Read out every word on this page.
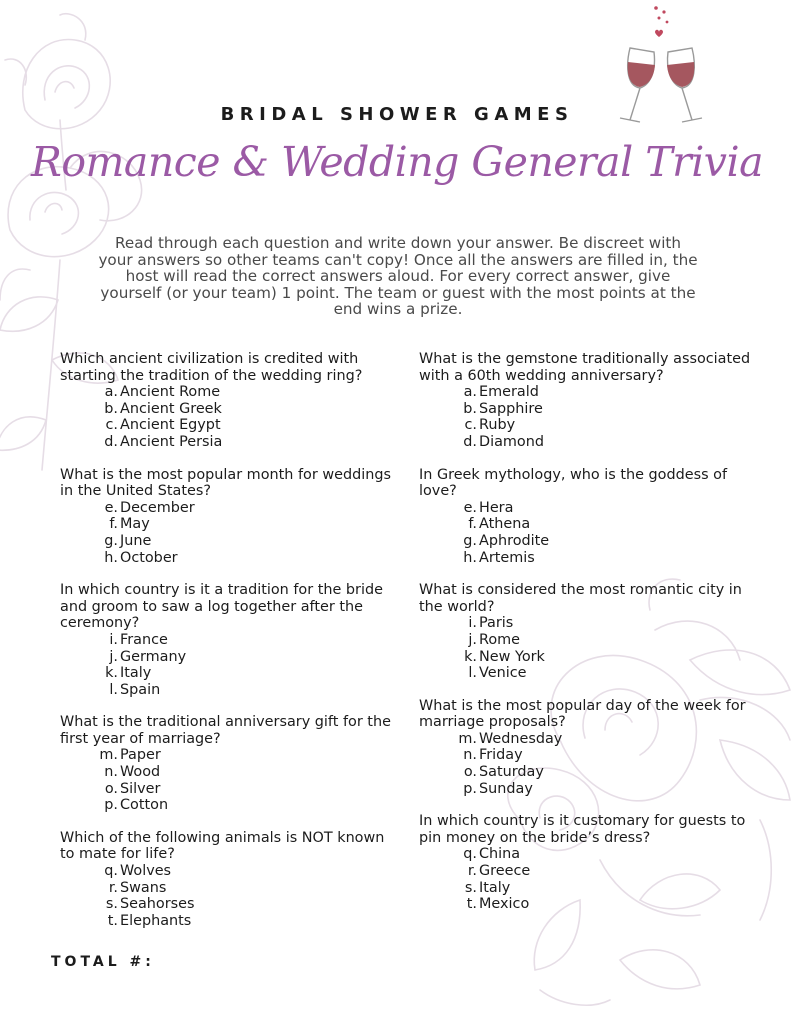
BRIDAL SHOWER GAMES
Romance & Wedding General Trivia
Read through each question and write down your answer. Be discreet with your answers so other teams can't copy! Once all the answers are filled in, the host will read the correct answers aloud. For every correct answer, give yourself (or your team) 1 point. The team or guest with the most points at the end wins a prize.
Which ancient civilization is credited with starting the tradition of the wedding ring?
a. Ancient Rome
b. Ancient Greek
c. Ancient Egypt
d. Ancient Persia
What is the most popular month for weddings in the United States?
e. December
f. May
g. June
h. October
In which country is it a tradition for the bride and groom to saw a log together after the ceremony?
i. France
j. Germany
k. Italy
l. Spain
What is the traditional anniversary gift for the first year of marriage?
m. Paper
n. Wood
o. Silver
p. Cotton
Which of the following animals is NOT known to mate for life?
q. Wolves
r. Swans
s. Seahorses
t. Elephants
What is the gemstone traditionally associated with a 60th wedding anniversary?
a. Emerald
b. Sapphire
c. Ruby
d. Diamond
In Greek mythology, who is the goddess of love?
e. Hera
f. Athena
g. Aphrodite
h. Artemis
What is considered the most romantic city in the world?
i. Paris
j. Rome
k. New York
l. Venice
What is the most popular day of the week for marriage proposals?
m. Wednesday
n. Friday
o. Saturday
p. Sunday
In which country is it customary for guests to pin money on the bride’s dress?
q. China
r. Greece
s. Italy
t. Mexico
TOTAL #:
